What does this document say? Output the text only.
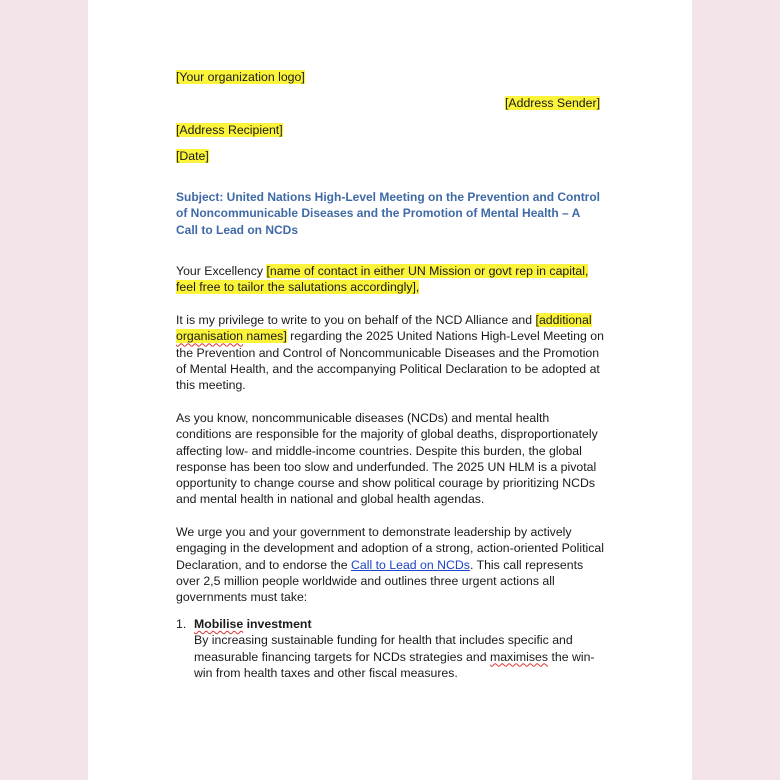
[Your organization logo]
[Address Sender]
[Address Recipient]
[Date]

Subject: United Nations High-Level Meeting on the Prevention and Control of Noncommunicable Diseases and the Promotion of Mental Health – A Call to Lead on NCDs

Your Excellency [name of contact in either UN Mission or govt rep in capital, feel free to tailor the salutations accordingly],

It is my privilege to write to you on behalf of the NCD Alliance and [additional organisation names] regarding the 2025 United Nations High-Level Meeting on the Prevention and Control of Noncommunicable Diseases and the Promotion of Mental Health, and the accompanying Political Declaration to be adopted at this meeting.

As you know, noncommunicable diseases (NCDs) and mental health conditions are responsible for the majority of global deaths, disproportionately affecting low- and middle-income countries. Despite this burden, the global response has been too slow and underfunded. The 2025 UN HLM is a pivotal opportunity to change course and show political courage by prioritizing NCDs and mental health in national and global health agendas.

We urge you and your government to demonstrate leadership by actively engaging in the development and adoption of a strong, action-oriented Political Declaration, and to endorse the Call to Lead on NCDs. This call represents over 2,5 million people worldwide and outlines three urgent actions all governments must take:

1. Mobilise investment

By increasing sustainable funding for health that includes specific and measurable financing targets for NCDs strategies and maximises the win-win from health taxes and other fiscal measures.
